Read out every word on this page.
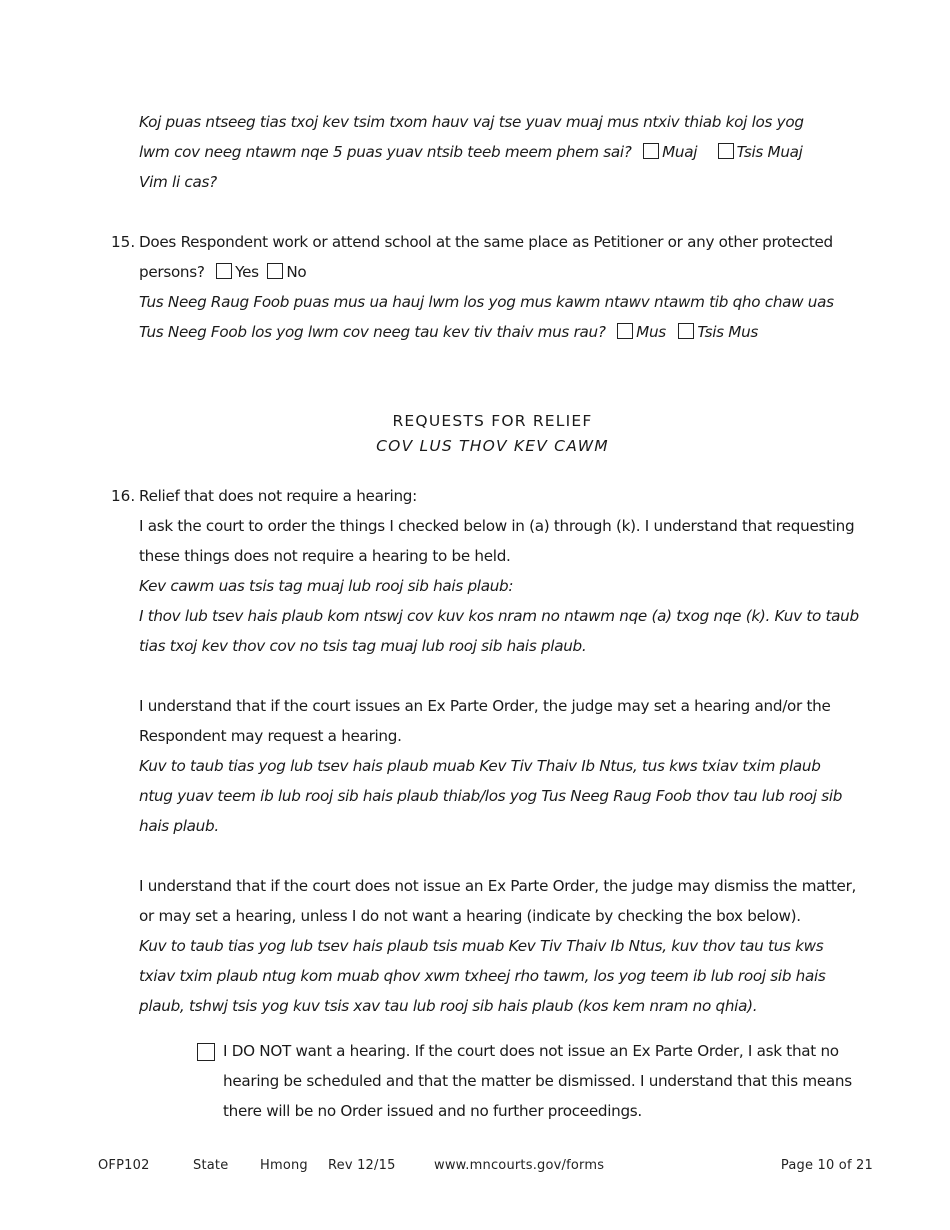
Koj puas ntseeg tias txoj kev tsim txom hauv vaj tse yuav muaj mus ntxiv thiab koj los yog
lwm cov neeg ntawm nqe 5 puas yuav ntsib teeb meem phem sai? Muaj	Tsis Muaj
Vim li cas?
15. Does Respondent work or attend school at the same place as Petitioner or any other protected
persons? Yes No
Tus Neeg Raug Foob puas mus ua hauj lwm los yog mus kawm ntawv ntawm tib qho chaw uas
Tus Neeg Foob los yog lwm cov neeg tau kev tiv thaiv mus rau? Mus Tsis Mus
REQUESTS FOR RELIEF
COV LUS THOV KEV CAWM
16. Relief that does not require a hearing:
I ask the court to order the things I checked below in (a) through (k). I understand that requesting
these things does not require a hearing to be held.
Kev cawm uas tsis tag muaj lub rooj sib hais plaub:
I thov lub tsev hais plaub kom ntswj cov kuv kos nram no ntawm nqe (a) txog nqe (k). Kuv to taub
tias txoj kev thov cov no tsis tag muaj lub rooj sib hais plaub.
I understand that if the court issues an Ex Parte Order, the judge may set a hearing and/or the
Respondent may request a hearing.
Kuv to taub tias yog lub tsev hais plaub muab Kev Tiv Thaiv Ib Ntus, tus kws txiav txim plaub
ntug yuav teem ib lub rooj sib hais plaub thiab/los yog Tus Neeg Raug Foob thov tau lub rooj sib
hais plaub.
I understand that if the court does not issue an Ex Parte Order, the judge may dismiss the matter,
or may set a hearing, unless I do not want a hearing (indicate by checking the box below).
Kuv to taub tias yog lub tsev hais plaub tsis muab Kev Tiv Thaiv Ib Ntus, kuv thov tau tus kws
txiav txim plaub ntug kom muab qhov xwm txheej rho tawm, los yog teem ib lub rooj sib hais
plaub, tshwj tsis yog kuv tsis xav tau lub rooj sib hais plaub (kos kem nram no qhia).
I DO NOT want a hearing. If the court does not issue an Ex Parte Order, I ask that no
hearing be scheduled and that the matter be dismissed. I understand that this means
there will be no Order issued and no further proceedings.
OFP102	State Hmong Rev 12/15	www.mncourts.gov/forms	Page 10 of 21
